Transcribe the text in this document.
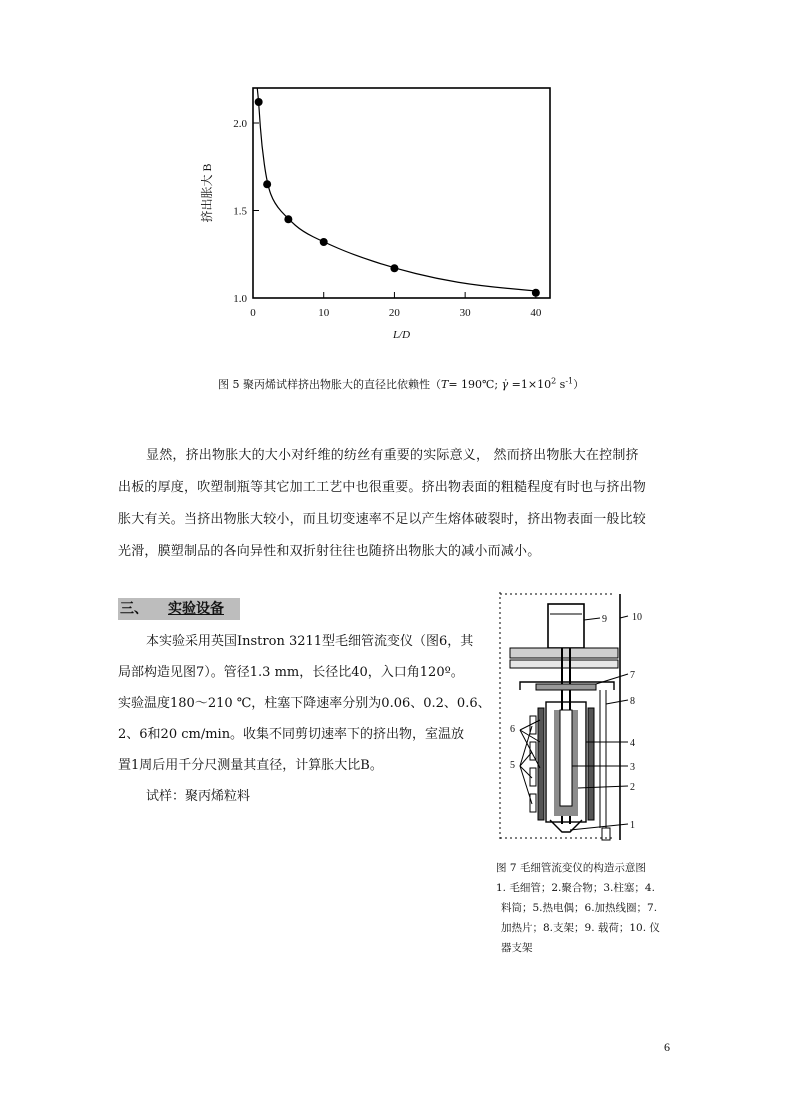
0	10	20	30	40
1.0
1.5
2.0
L/D
挤出胀大 B
图 5 聚丙烯试样挤出物胀大的直径比依赖性（T= 190℃; γ̇ $=1\times 10^2$ $s^{-1}$）
显然，挤出物胀大的大小对纤维的纺丝有重要的实际意义， 然而挤出物胀大在控制挤
出板的厚度，吹塑制瓶等其它加工工艺中也很重要。挤出物表面的粗糙程度有时也与挤出物
胀大有关。当挤出物胀大较小，而且切变速率不足以产生熔体破裂时，挤出物表面一般比较
光滑，膜塑制品的各向异性和双折射往往也随挤出物胀大的减小而减小。
三、 实验设备
本实验采用英国Instron 3211型毛细管流变仪（图6，其
局部构造见图7）。管径1.3 mm，长径比40，入口角120º。
实验温度180～210 ℃，柱塞下降速率分别为0.06、0.2、0.6、
2、6和20 cm/min。收集不同剪切速率下的挤出物，室温放
置1周后用千分尺测量其直径，计算胀大比B。
试样：聚丙烯粒料
9	10
7
8
6
4
3
5
2
1
图 7 毛细管流变仪的构造示意图
1. 毛细管；2.聚合物；3.柱塞；4.
料筒；5.热电偶；6.加热线圈；7.
加热片；8.支架；9. 载荷；10. 仪
器支架
6
